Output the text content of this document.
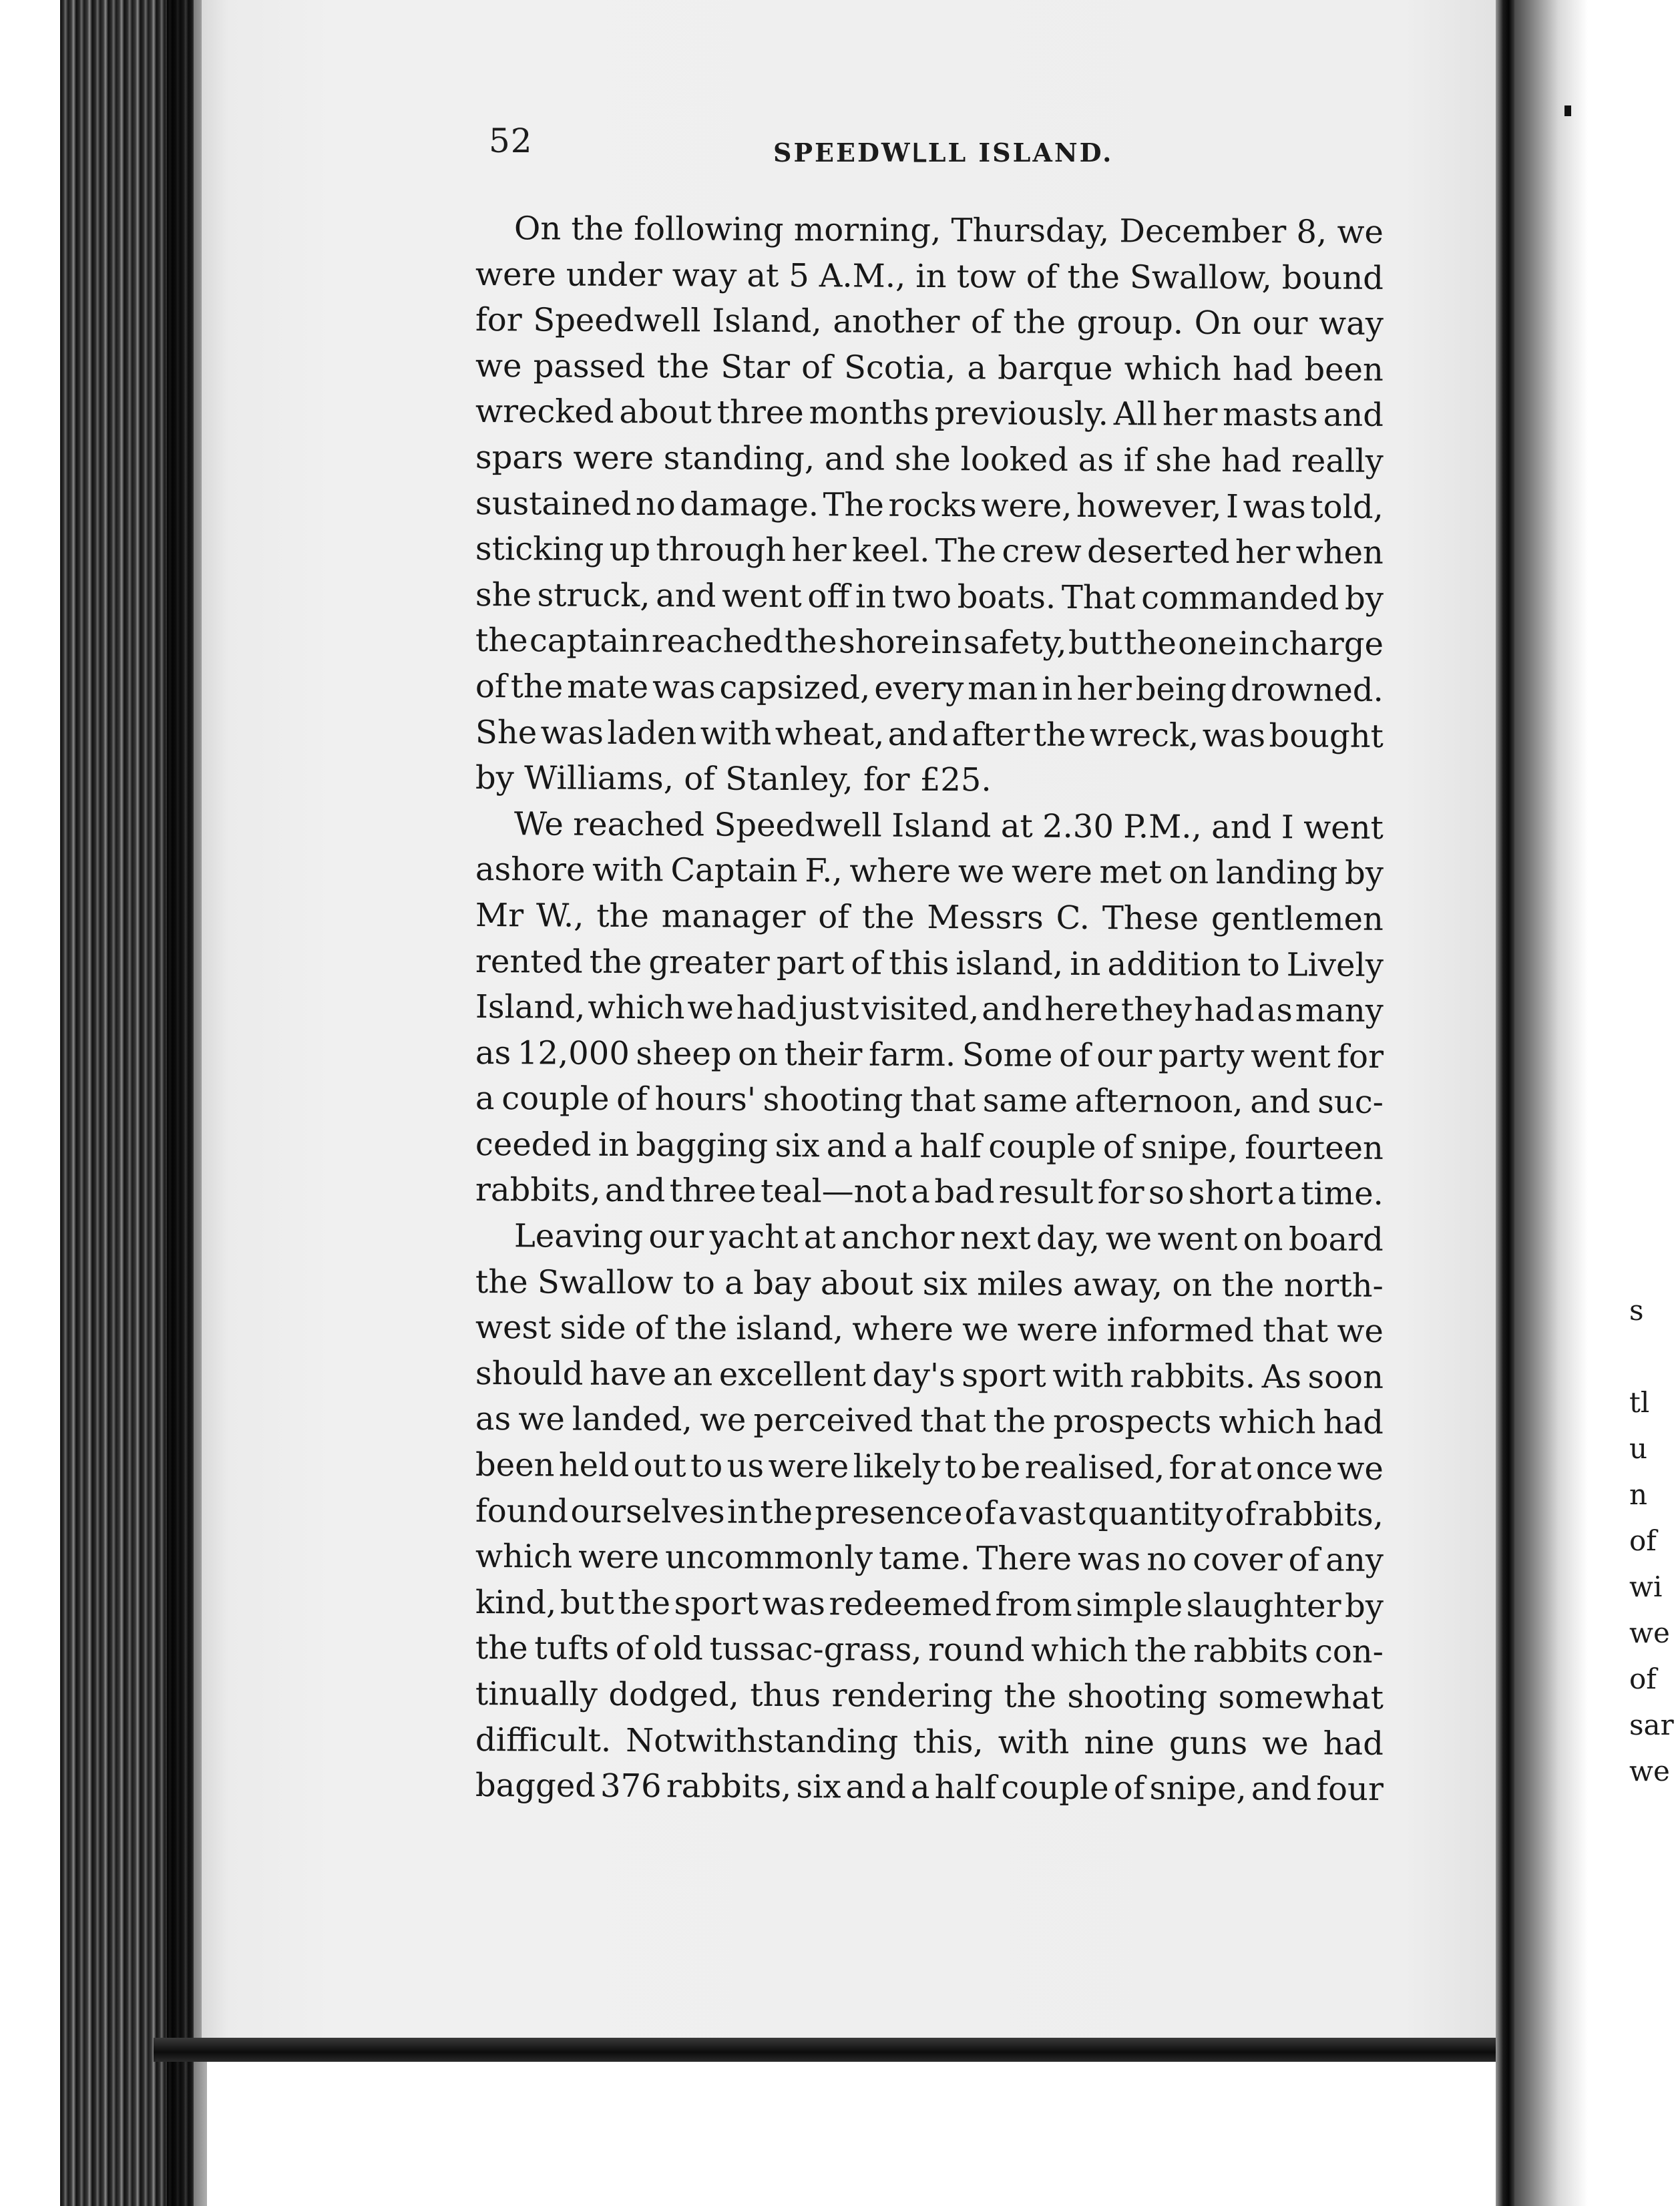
52	SPEEDWꓡLL ISLAND.
On the following morning, Thursday, December 8, we
were under way at 5 A.M., in tow of the Swallow, bound
for Speedwell Island, another of the group. On our way
we passed the Star of Scotia, a barque which had been
wrecked about three months previously. All her masts and
spars were standing, and she looked as if she had really
sustained no damage. The rocks were, however, I was told,
sticking up through her keel. The crew deserted her when
she struck, and went off in two boats. That commanded by
the captain reached the shore in safety, but the one in charge
of the mate was capsized, every man in her being drowned.
She was laden with wheat, and after the wreck, was bought
by Williams, of Stanley, for £25.
We reached Speedwell Island at 2.30 P.M., and I went
ashore with Captain F., where we were met on landing by
Mr W., the manager of the Messrs C. These gentlemen
rented the greater part of this island, in addition to Lively
Island, which we had just visited, and here they had as many
as 12,000 sheep on their farm. Some of our party went for
a couple of hours' shooting that same afternoon, and suc-
ceeded in bagging six and a half couple of snipe, fourteen
rabbits, and three teal—not a bad result for so short a time.
Leaving our yacht at anchor next day, we went on board
the Swallow to a bay about six miles away, on the north-
west side of the island, where we were informed that we
should have an excellent day's sport with rabbits. As soon
as we landed, we perceived that the prospects which had
been held out to us were likely to be realised, for at once we
found ourselves in the presence of a vast quantity of rabbits,
which were uncommonly tame. There was no cover of any
kind, but the sport was redeemed from simple slaughter by
the tufts of old tussac-grass, round which the rabbits con-
tinually dodged, thus rendering the shooting somewhat
difficult. Notwithstanding this, with nine guns we had
bagged 376 rabbits, six and a half couple of snipe, and four
s
tl
u
n
of
wi
we
of
sar
we
